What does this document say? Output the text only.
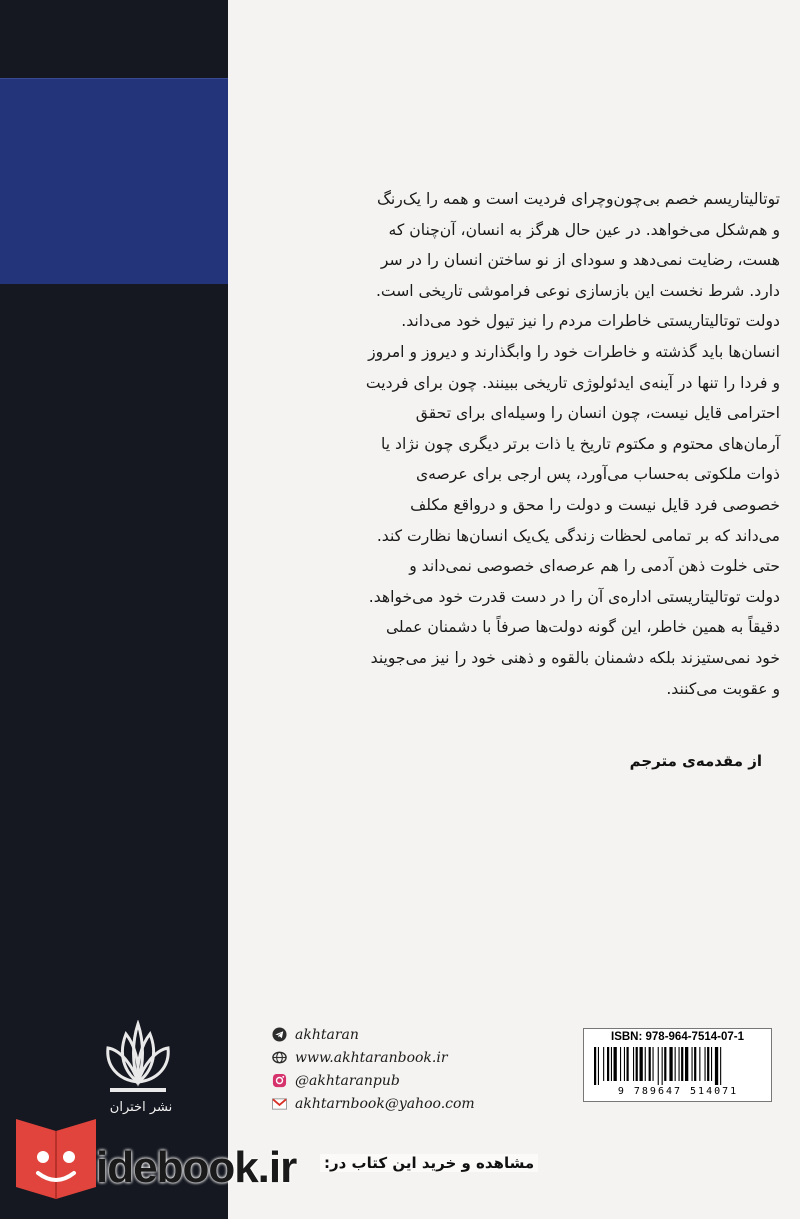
توتالیتاریسم خصم بی‌چون‌وچرای فردیت است و همه را یک‌رنگ

و هم‌شکل می‌خواهد. در عین حال هرگز به انسان، آن‌چنان که

هست، رضایت نمی‌دهد و سودای از نو ساختن انسان را در سر

دارد. شرط نخست این بازسازی نوعی فراموشی تاریخی است.

دولت توتالیتاریستی خاطرات مردم را نیز تیول خود می‌داند.

انسان‌ها باید گذشته و خاطرات خود را وابگذارند و دیروز و امروز

و فردا را تنها در آینه‌ی ایدئولوژی تاریخی ببینند. چون برای فردیت

احترامی قایل نیست، چون انسان را وسیله‌ای برای تحقق

آرمان‌های محتوم و مکتوم تاریخ یا ذات برتر دیگری چون نژاد یا

ذوات ملکوتی به‌حساب می‌آورد، پس ارجی برای عرصه‌ی

خصوصی فرد قایل نیست و دولت را محق و درواقع مکلف

می‌داند که بر تمامی لحظات زندگی یک‌یک انسان‌ها نظارت کند.

حتی خلوت ذهن آدمی را هم عرصه‌ای خصوصی نمی‌داند و

دولت توتالیتاریستی اداره‌ی آن را در دست قدرت خود می‌خواهد.

دقیقاً به همین خاطر، این گونه دولت‌ها صرفاً با دشمنان عملی

خود نمی‌ستیزند بلکه دشمنان بالقوه و ذهنی خود را نیز می‌جویند

و عقوبت می‌کنند.

از مقدمه‌ی مترجم
نشر اختران
akhtaran
www.akhtaranbook.ir
@akhtaranpub
akhtarnbook@yahoo.com
ISBN: 978-964-7514-07-1
9 789647 514071
idebook.ir مشاهده و خرید این کتاب در:
